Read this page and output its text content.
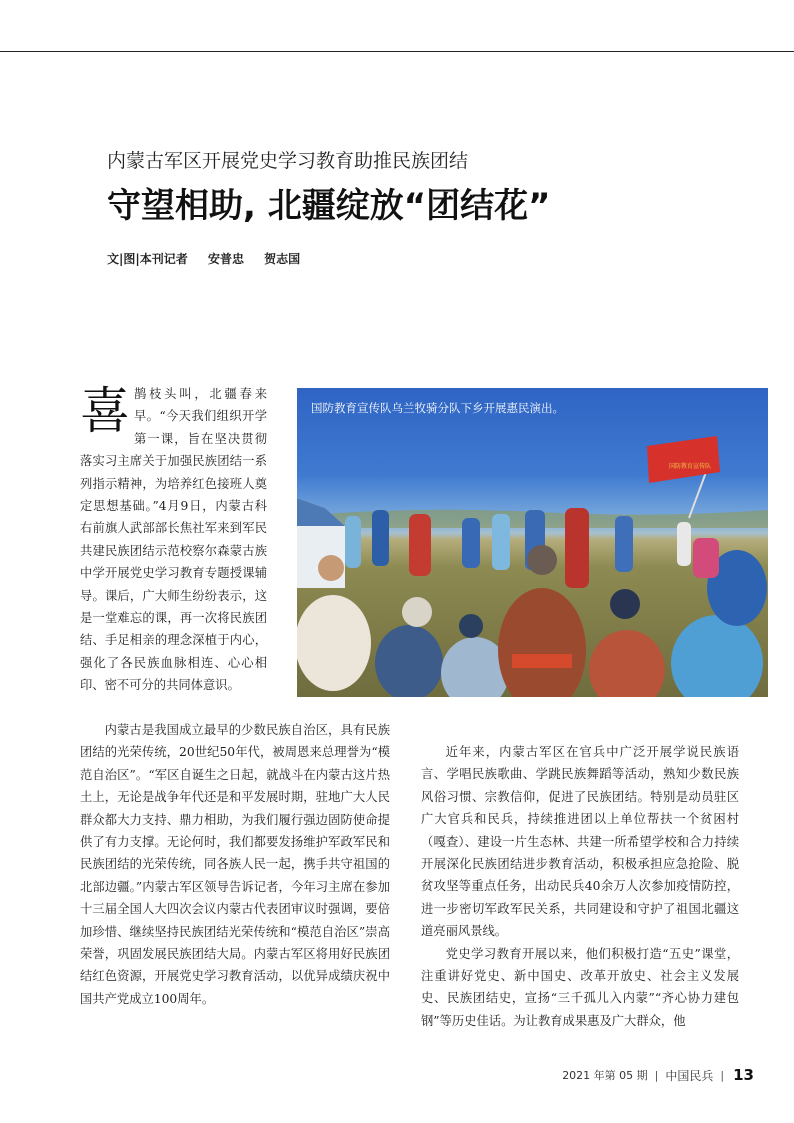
内蒙古军区开展党史学习教育助推民族团结
守望相助, 北疆绽放“团结花”
文|图|本刊记者 安普忠 贺志国
喜 鹊枝头叫，北疆春来早。“今天我们组织开学第一课，旨在坚决贯彻落实习主席关于加强民族团结一系列指示精神，为培养红色接班人奠定思想基础。”4月9日，内蒙古科右前旗人武部部长焦社军来到军民共建民族团结示范校察尔森蒙古族中学开展党史学习教育专题授课辅导。课后，广大师生纷纷表示，这是一堂难忘的课，再一次将民族团结、手足相亲的理念深植于内心，强化了各民族血脉相连、心心相印、密不可分的共同体意识。

国防教育宣传队
国防教育宣传队乌兰牧骑分队下乡开展惠民演出。

内蒙古是我国成立最早的少数民族自治区，具有民族团结的光荣传统，20世纪50年代，被周恩来总理誉为“模范自治区”。“军区自诞生之日起，就战斗在内蒙古这片热土上，无论是战争年代还是和平发展时期，驻地广大人民群众都大力支持、鼎力相助，为我们履行强边固防使命提供了有力支撑。无论何时，我们都要发扬维护军政军民和民族团结的光荣传统，同各族人民一起，携手共守祖国的北部边疆。”内蒙古军区领导告诉记者，今年习主席在参加十三届全国人大四次会议内蒙古代表团审议时强调，要倍加珍惜、继续坚持民族团结光荣传统和“模范自治区”崇高荣誉，巩固发展民族团结大局。内蒙古军区将用好民族团结红色资源，开展党史学习教育活动，以优异成绩庆祝中国共产党成立100周年。

近年来，内蒙古军区在官兵中广泛开展学说民族语言、学唱民族歌曲、学跳民族舞蹈等活动，熟知少数民族风俗习惯、宗教信仰，促进了民族团结。特别是动员驻区广大官兵和民兵，持续推进团以上单位帮扶一个贫困村（嘎查）、建设一片生态林、共建一所希望学校和合力持续开展深化民族团结进步教育活动，积极承担应急抢险、脱贫攻坚等重点任务，出动民兵40余万人次参加疫情防控，进一步密切军政军民关系，共同建设和守护了祖国北疆这道亮丽风景线。

党史学习教育开展以来，他们积极打造“五史”课堂，注重讲好党史、新中国史、改革开放史、社会主义发展史、民族团结史，宣扬“三千孤儿入内蒙”“齐心协力建包钢”等历史佳话。为让教育成果惠及广大群众，他

2021 年第 05 期 | 中国民兵 | 13
